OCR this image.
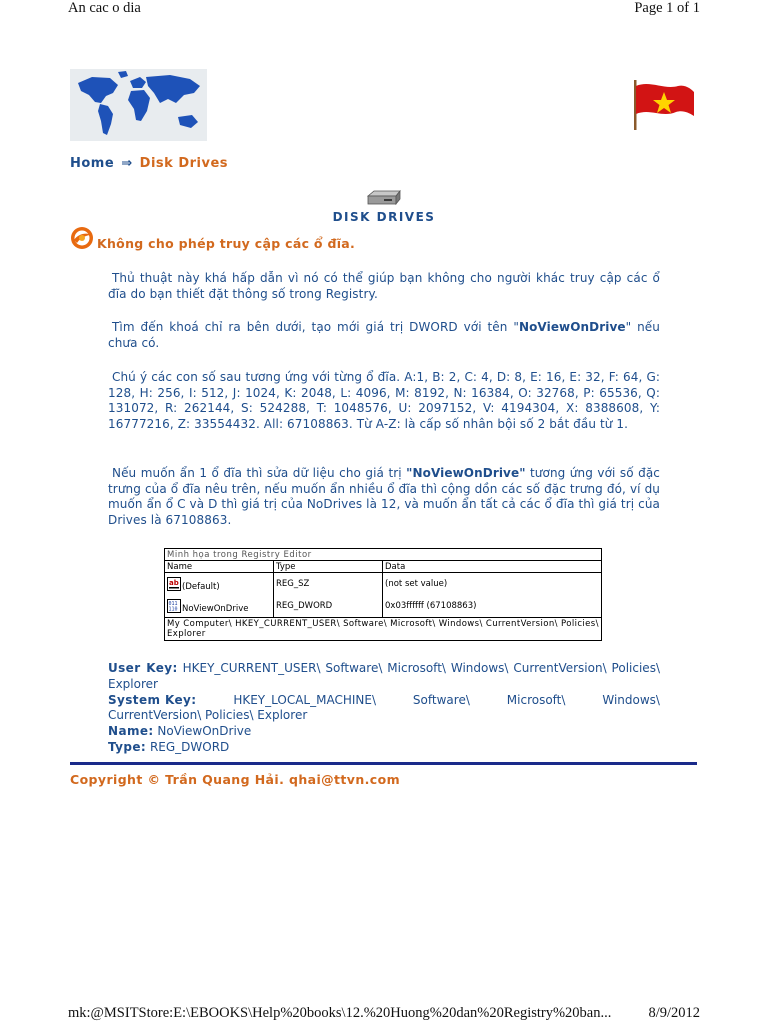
An cac o dia	Page 1 of 1
Home ⇒ Disk Drives
DISK DRIVES
Không cho phép truy cập các ổ đĩa.
Thủ thuật này khá hấp dẫn vì nó có thể giúp bạn không cho người khác truy cập các ổ đĩa do bạn thiết đặt thông số trong Registry.
Tìm đến khoá chỉ ra bên dưới, tạo mới giá trị DWORD với tên "NoViewOnDrive" nếu chưa có.
Chú ý các con số sau tương ứng với từng ổ đĩa. A:1, B: 2, C: 4, D: 8, E: 16, E: 32, F: 64, G: 128, H: 256, I: 512, J: 1024, K: 2048, L: 4096, M: 8192, N: 16384, O: 32768, P: 65536, Q: 131072, R: 262144, S: 524288, T: 1048576, U: 2097152, V: 4194304, X: 8388608, Y: 16777216, Z: 33554432. All: 67108863. Từ A-Z: là cấp số nhân bội số 2 bắt đầu từ 1.
Nếu muốn ẩn 1 ổ đĩa thì sửa dữ liệu cho giá trị "NoViewOnDrive" tương ứng với số đặc trưng của ổ đĩa nêu trên, nếu muốn ẩn nhiều ổ đĩa thì cộng dồn các số đặc trưng đó, ví dụ muốn ẩn ổ C và D thì giá trị của NoDrives là 12, và muốn ẩn tất cả các ổ đĩa thì giá trị của Drives là 67108863.
Minh họa trong Registry Editor		
Name	Type	Data

ab (Default)	REG_SZ	(not set value)

011
110 NoViewOnDrive	REG_DWORD	0x03ffffff (67108863)
My Computer\ HKEY_CURRENT_USER\ Software\ Microsoft\ Windows\ CurrentVersion\ Policies\ Explorer		
User Key: HKEY_CURRENT_USER\ Software\ Microsoft\ Windows\ CurrentVersion\ Policies\ Explorer
System Key:	HKEY_LOCAL_MACHINE\	Software\	Microsoft\	Windows\
CurrentVersion\ Policies\ Explorer
Name: NoViewOnDrive
Type: REG_DWORD
Copyright © Trần Quang Hải. qhai@ttvn.com
mk:@MSITStore:E:\EBOOKS\Help%20books\12.%20Huong%20dan%20Registry%20ban...	8/9/2012
